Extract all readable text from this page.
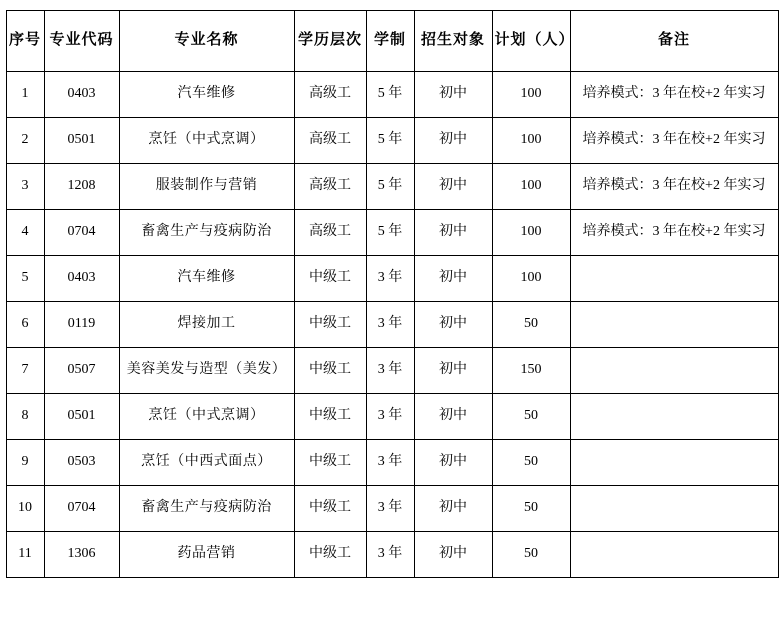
序号	专业代码	专业名称	学历层次	学制	招生对象	计划（人）	备注
1	0403	汽车维修	高级工	5 年	初中	100	培养模式：3 年在校+2 年实习
2	0501	烹饪（中式烹调）	高级工	5 年	初中	100	培养模式：3 年在校+2 年实习
3	1208	服装制作与营销	高级工	5 年	初中	100	培养模式：3 年在校+2 年实习
4	0704	畜禽生产与疫病防治	高级工	5 年	初中	100	培养模式：3 年在校+2 年实习
5	0403	汽车维修	中级工	3 年	初中	100	
6	0119	焊接加工	中级工	3 年	初中	50	
7	0507	美容美发与造型（美发）	中级工	3 年	初中	150	
8	0501	烹饪（中式烹调）	中级工	3 年	初中	50	
9	0503	烹饪（中西式面点）	中级工	3 年	初中	50	
10	0704	畜禽生产与疫病防治	中级工	3 年	初中	50	
11	1306	药品营销	中级工	3 年	初中	50	
